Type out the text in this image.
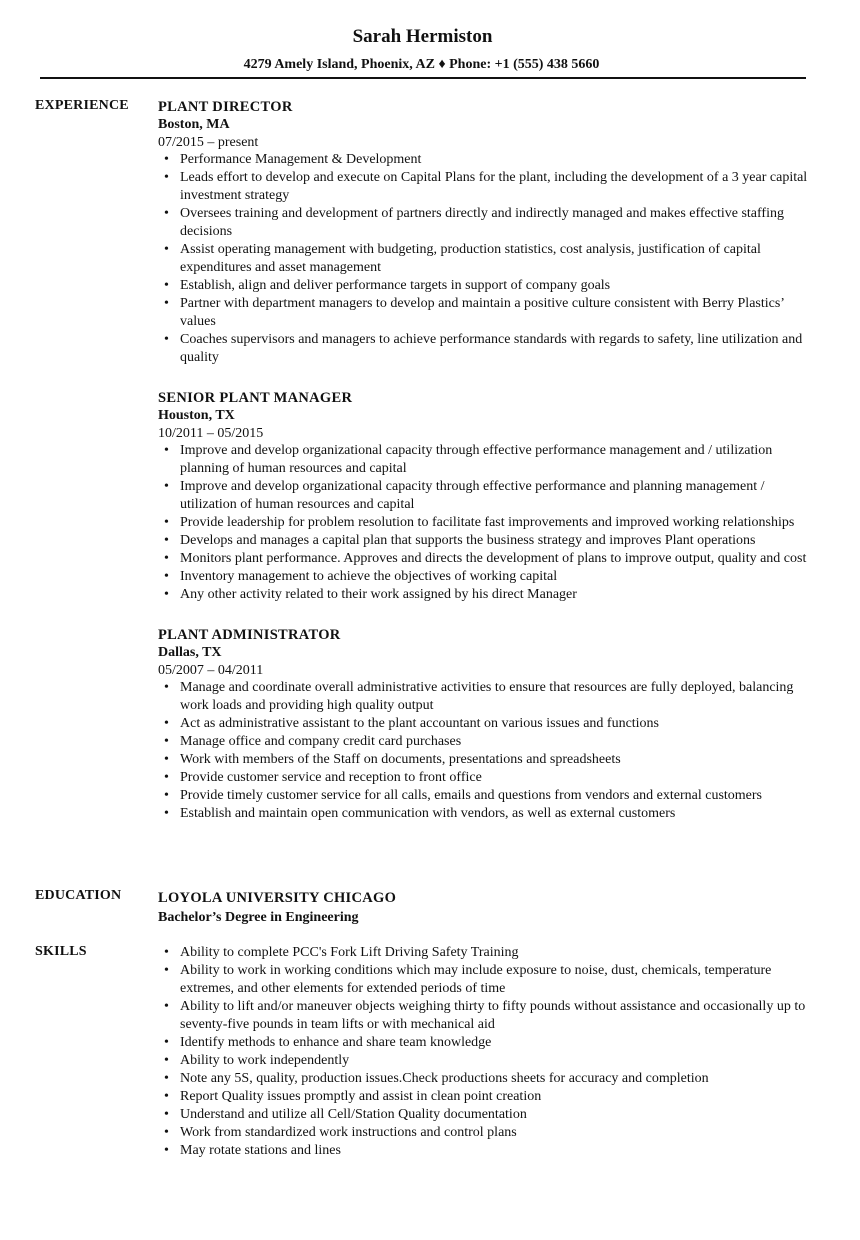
Sarah Hermiston
4279 Amely Island, Phoenix, AZ ♦ Phone: +1 (555) 438 5660
EXPERIENCE PLANT DIRECTOR
Boston, MA
07/2015 – present
• Performance Management & Development
• Leads effort to develop and execute on Capital Plans for the plant, including the development of a 3 year capital investment strategy
• Oversees training and development of partners directly and indirectly managed and makes effective staffing decisions
• Assist operating management with budgeting, production statistics, cost analysis, justification of capital expenditures and asset management
• Establish, align and deliver performance targets in support of company goals
• Partner with department managers to develop and maintain a positive culture consistent with Berry Plastics’ values
• Coaches supervisors and managers to achieve performance standards with regards to safety, line utilization and quality
SENIOR PLANT MANAGER
Houston, TX
10/2011 – 05/2015
• Improve and develop organizational capacity through effective performance management and / utilization planning of human resources and capital
• Improve and develop organizational capacity through effective performance and planning management / utilization of human resources and capital
• Provide leadership for problem resolution to facilitate fast improvements and improved working relationships
• Develops and manages a capital plan that supports the business strategy and improves Plant operations
• Monitors plant performance. Approves and directs the development of plans to improve output, quality and cost
• Inventory management to achieve the objectives of working capital
• Any other activity related to their work assigned by his direct Manager
PLANT ADMINISTRATOR
Dallas, TX
05/2007 – 04/2011
• Manage and coordinate overall administrative activities to ensure that resources are fully deployed, balancing work loads and providing high quality output
• Act as administrative assistant to the plant accountant on various issues and functions
• Manage office and company credit card purchases
• Work with members of the Staff on documents, presentations and spreadsheets
• Provide customer service and reception to front office
• Provide timely customer service for all calls, emails and questions from vendors and external customers
• Establish and maintain open communication with vendors, as well as external customers
EDUCATION	LOYOLA UNIVERSITY CHICAGO
Bachelor’s Degree in Engineering
SKILLS
•	Ability to complete PCC's Fork Lift Driving Safety Training
• Ability to work in working conditions which may include exposure to noise, dust, chemicals, temperature extremes, and other elements for extended periods of time
• Ability to lift and/or maneuver objects weighing thirty to fifty pounds without assistance and occasionally up to seventy-five pounds in team lifts or with mechanical aid
• Identify methods to enhance and share team knowledge
• Ability to work independently
• Note any 5S, quality, production issues.Check productions sheets for accuracy and completion
• Report Quality issues promptly and assist in clean point creation
• Understand and utilize all Cell/Station Quality documentation
• Work from standardized work instructions and control plans
• May rotate stations and lines
